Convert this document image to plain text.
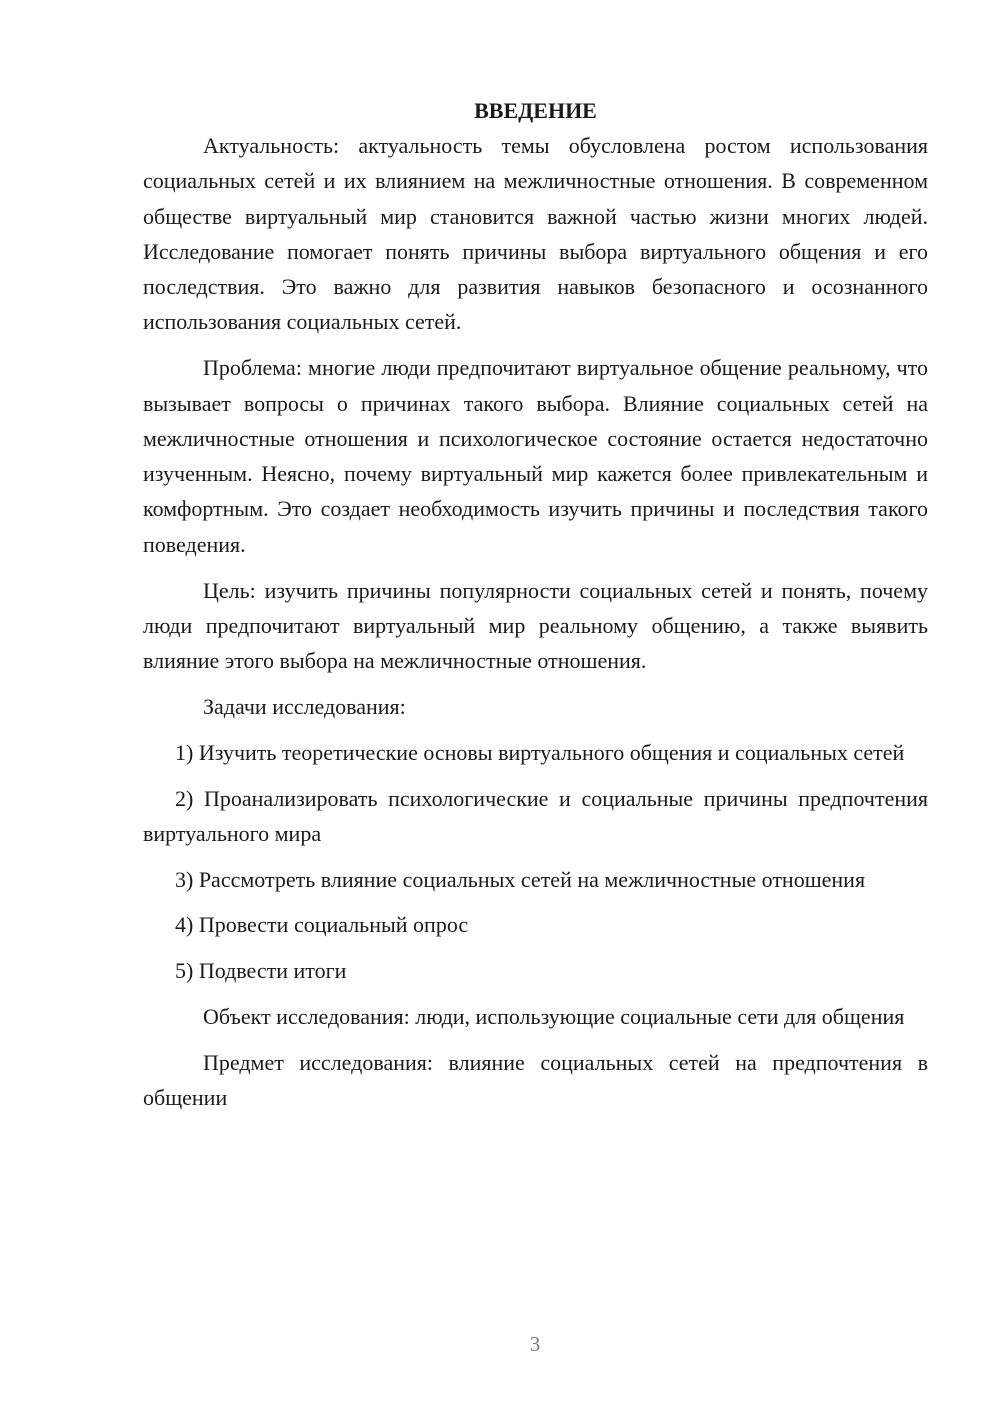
ВВЕДЕНИЕ

Актуальность: актуальность темы обусловлена ростом использования социальных сетей и их влиянием на межличностные отношения. В современном обществе виртуальный мир становится важной частью жизни многих людей. Исследование помогает понять причины выбора виртуального общения и его последствия. Это важно для развития навыков безопасного и осознанного использования социальных сетей.

Проблема: многие люди предпочитают виртуальное общение реальному, что вызывает вопросы о причинах такого выбора. Влияние социальных сетей на межличностные отношения и психологическое состояние остается недостаточно изученным. Неясно, почему виртуальный мир кажется более привлекательным и комфортным. Это создает необходимость изучить причины и последствия такого поведения.

Цель: изучить причины популярности социальных сетей и понять, почему люди предпочитают виртуальный мир реальному общению, а также выявить влияние этого выбора на межличностные отношения.

Задачи исследования:

1) Изучить теоретические основы виртуального общения и социальных сетей

2) Проанализировать психологические и социальные причины предпочтения виртуального мира

3) Рассмотреть влияние социальных сетей на межличностные отношения

4) Провести социальный опрос

5) Подвести итоги

Объект исследования: люди, использующие социальные сети для общения

Предмет исследования: влияние социальных сетей на предпочтения в общении

3
